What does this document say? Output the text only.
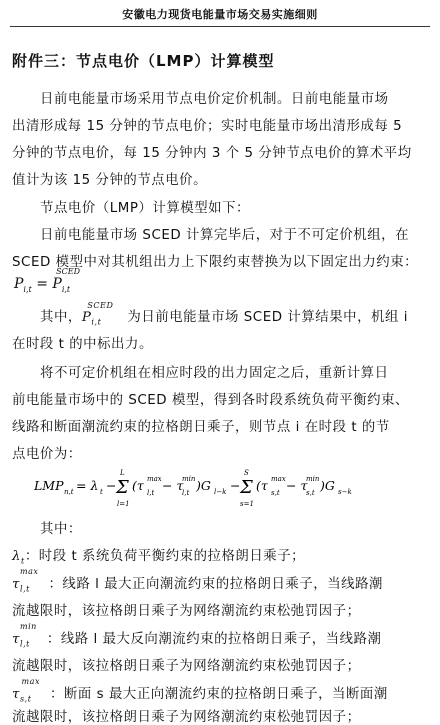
安徽电力现货电能量市场交易实施细则
附件三：节点电价（LMP）计算模型
日前电能量市场采用节点电价定价机制。日前电能量市场
出清形成每 15 分钟的节点电价；实时电能量市场出清形成每 5
分钟的节点电价，每 15 分钟内 3 个 5 分钟节点电价的算术平均
值计为该 15 分钟的节点电价。
节点电价（LMP）计算模型如下：
日前电能量市场 SCED 计算完毕后，对于不可定价机组，在
SCED 模型中对其机组出力上下限约束替换为以下固定出力约束：
$P_{i,t} = P_{i,t}^{SCED}$
其中，$P_{i,t}^{SCED}$为日前电能量市场 SCED 计算结果中，机组 i
在时段 t 的中标出力。
将不可定价机组在相应时段的出力固定之后，重新计算日
前电能量市场中的 SCED 模型，得到各时段系统负荷平衡约束、
线路和断面潮流约束的拉格朗日乘子，则节点 i 在时段 t 的节
点电价为：
LMP n,t = λ t − Σ
L
l=1
(τ max
l,t − τ
min
l,t )G l−k − Σ
S
s=1
(τ max
s,t − τ
min
s,t )G s−k
其中：
$\lambda_t$：时段 t 系统负荷平衡约束的拉格朗日乘子；
$\tau_{l,t}^{max}$：线路 l 最大正向潮流约束的拉格朗日乘子，当线路潮
流越限时，该拉格朗日乘子为网络潮流约束松弛罚因子；
$\tau_{l,t}^{min}$：线路 l 最大反向潮流约束的拉格朗日乘子，当线路潮
流越限时，该拉格朗日乘子为网络潮流约束松弛罚因子；
$\tau_{s,t}^{max}$：断面 s 最大正向潮流约束的拉格朗日乘子，当断面潮
流越限时，该拉格朗日乘子为网络潮流约束松弛罚因子；
